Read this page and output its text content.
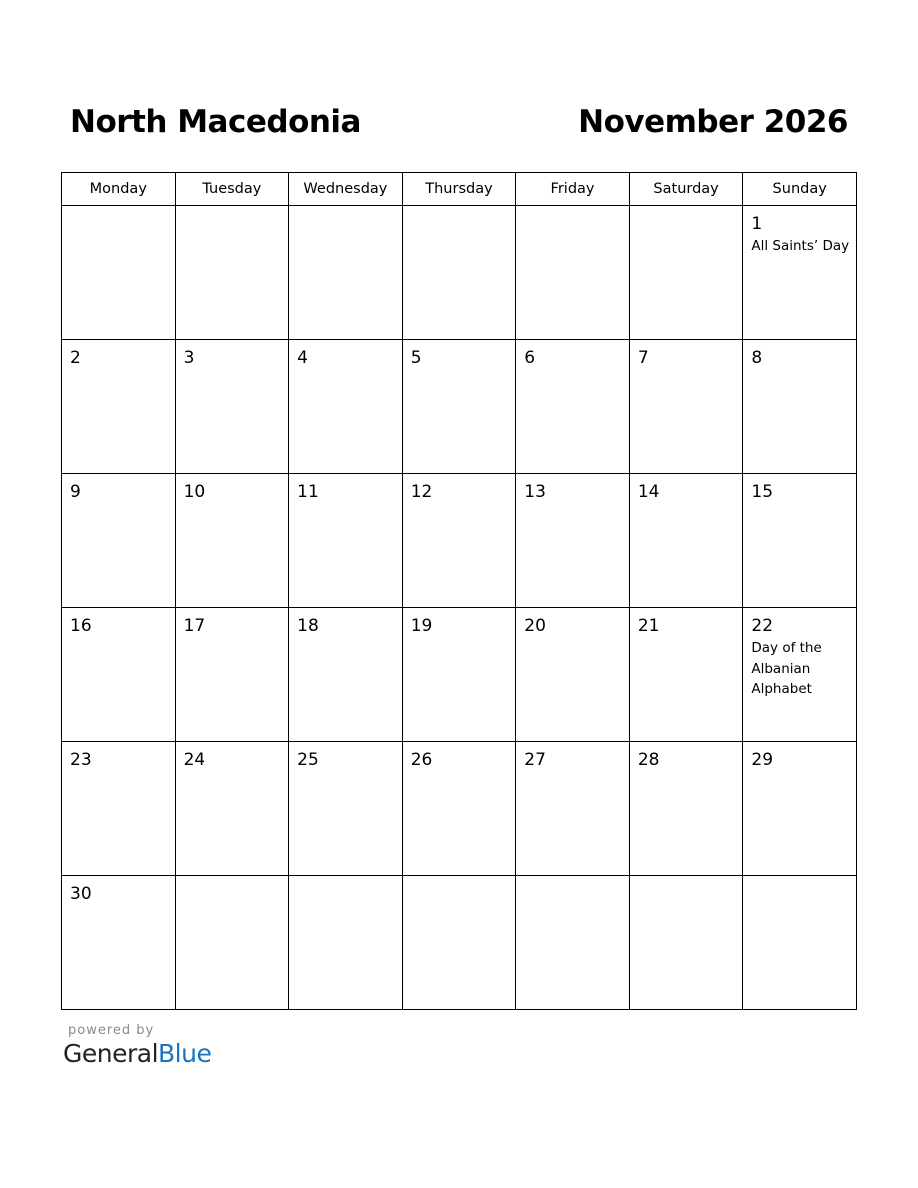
North Macedonia	November 2026
Monday	Tuesday	Wednesday	Thursday	Friday	Saturday	Sunday

						1
All Saints’ Day

2	3	4	5	6	7	8

9	10	11	12	13	14	15

16	17	18	19	20	21	22
Day of the Albanian Alphabet

23	24	25	26	27	28	29

30						

powered by
GeneralBlue
